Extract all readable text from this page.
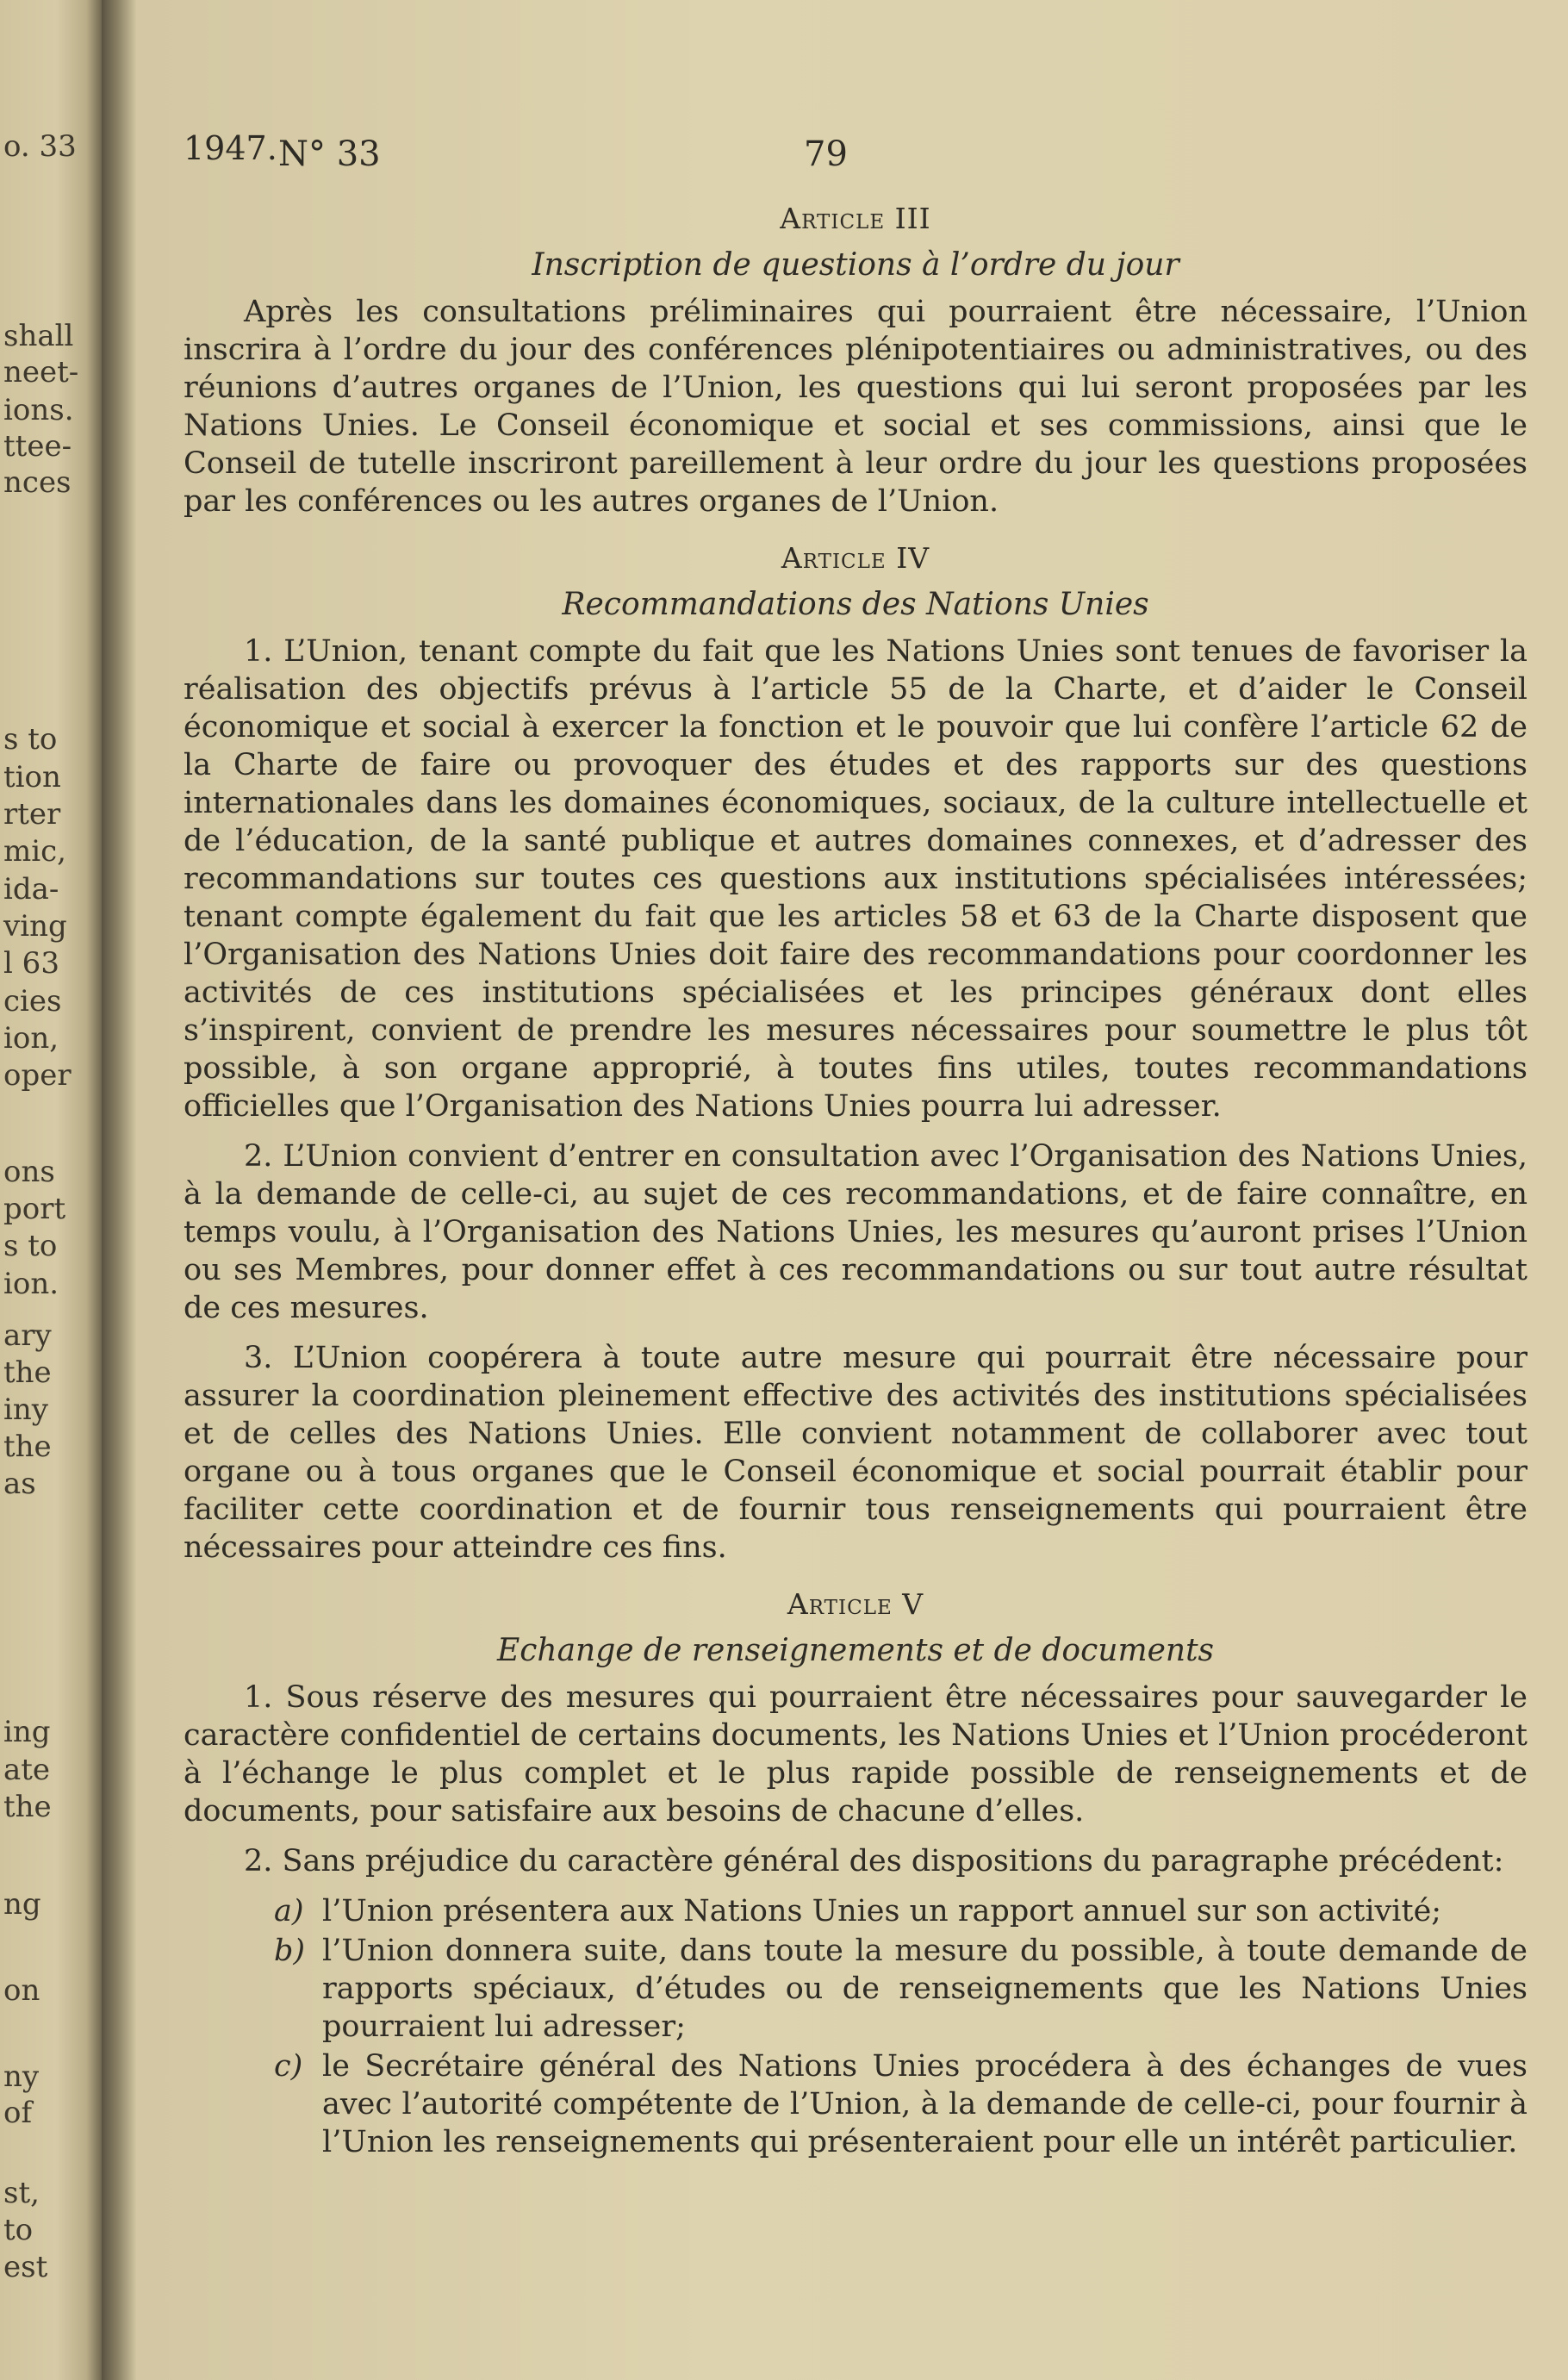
o. 33
shall
neet-
ions.
ttee-
nces
s to
tion
rter
mic,
ida-
ving
l 63
cies
ion,
oper
ons
port
s to
ion.
ary
the
iny
the
as
ing
ate
the
ng
on
ny
of
st,
to
est
1947. N° 33	79
Article III
Inscription de questions à l’ordre du jour

Après les consultations préliminaires qui pourraient être nécessaire, l’Union inscrira à l’ordre du jour des conférences plénipotentiaires ou administratives, ou des réunions d’autres organes de l’Union, les questions qui lui seront proposées par les Nations Unies. Le Conseil économique et social et ses commissions, ainsi que le Conseil de tutelle inscriront pareillement à leur ordre du jour les questions proposées par les conférences ou les autres organes de l’Union.

Article IV
Recommandations des Nations Unies

1. L’Union, tenant compte du fait que les Nations Unies sont tenues de favoriser la réalisation des objectifs prévus à l’article 55 de la Charte, et d’aider le Conseil économique et social à exercer la fonction et le pouvoir que lui confère l’article 62 de la Charte de faire ou provoquer des études et des rapports sur des questions internationales dans les domaines économiques, sociaux, de la culture intellectuelle et de l’éducation, de la santé publique et autres domaines connexes, et d’adresser des recommandations sur toutes ces questions aux institutions spécialisées intéressées; tenant compte également du fait que les articles 58 et 63 de la Charte disposent que l’Organisation des Nations Unies doit faire des recommandations pour coordonner les activités de ces institutions spécialisées et les principes généraux dont elles s’inspirent, convient de prendre les mesures nécessaires pour soumettre le plus tôt possible, à son organe approprié, à toutes fins utiles, toutes recommandations officielles que l’Organisation des Nations Unies pourra lui adresser.

2. L’Union convient d’entrer en consultation avec l’Organisation des Nations Unies, à la demande de celle-ci, au sujet de ces recommandations, et de faire connaître, en temps voulu, à l’Organisation des Nations Unies, les mesures qu’auront prises l’Union ou ses Membres, pour donner effet à ces recommandations ou sur tout autre résultat de ces mesures.

3. L’Union coopérera à toute autre mesure qui pourrait être nécessaire pour assurer la coordination pleinement effective des activités des institutions spécialisées et de celles des Nations Unies. Elle convient notamment de collaborer avec tout organe ou à tous organes que le Conseil économique et social pourrait établir pour faciliter cette coordination et de fournir tous renseignements qui pourraient être nécessaires pour atteindre ces fins.

Article V
Echange de renseignements et de documents

1. Sous réserve des mesures qui pourraient être nécessaires pour sauvegarder le caractère confidentiel de certains documents, les Nations Unies et l’Union procéderont à l’échange le plus complet et le plus rapide possible de renseignements et de documents, pour satisfaire aux besoins de chacune d’elles.

2. Sans préjudice du caractère général des dispositions du paragraphe précédent:

a) l’Union présentera aux Nations Unies un rapport annuel sur son activité;
b) l’Union donnera suite, dans toute la mesure du possible, à toute demande de rapports spéciaux, d’études ou de renseignements que les Nations Unies pourraient lui adresser;
c) le Secrétaire général des Nations Unies procédera à des échanges de vues avec l’autorité compétente de l’Union, à la demande de celle-ci, pour fournir à l’Union les renseignements qui présenteraient pour elle un intérêt particulier.
